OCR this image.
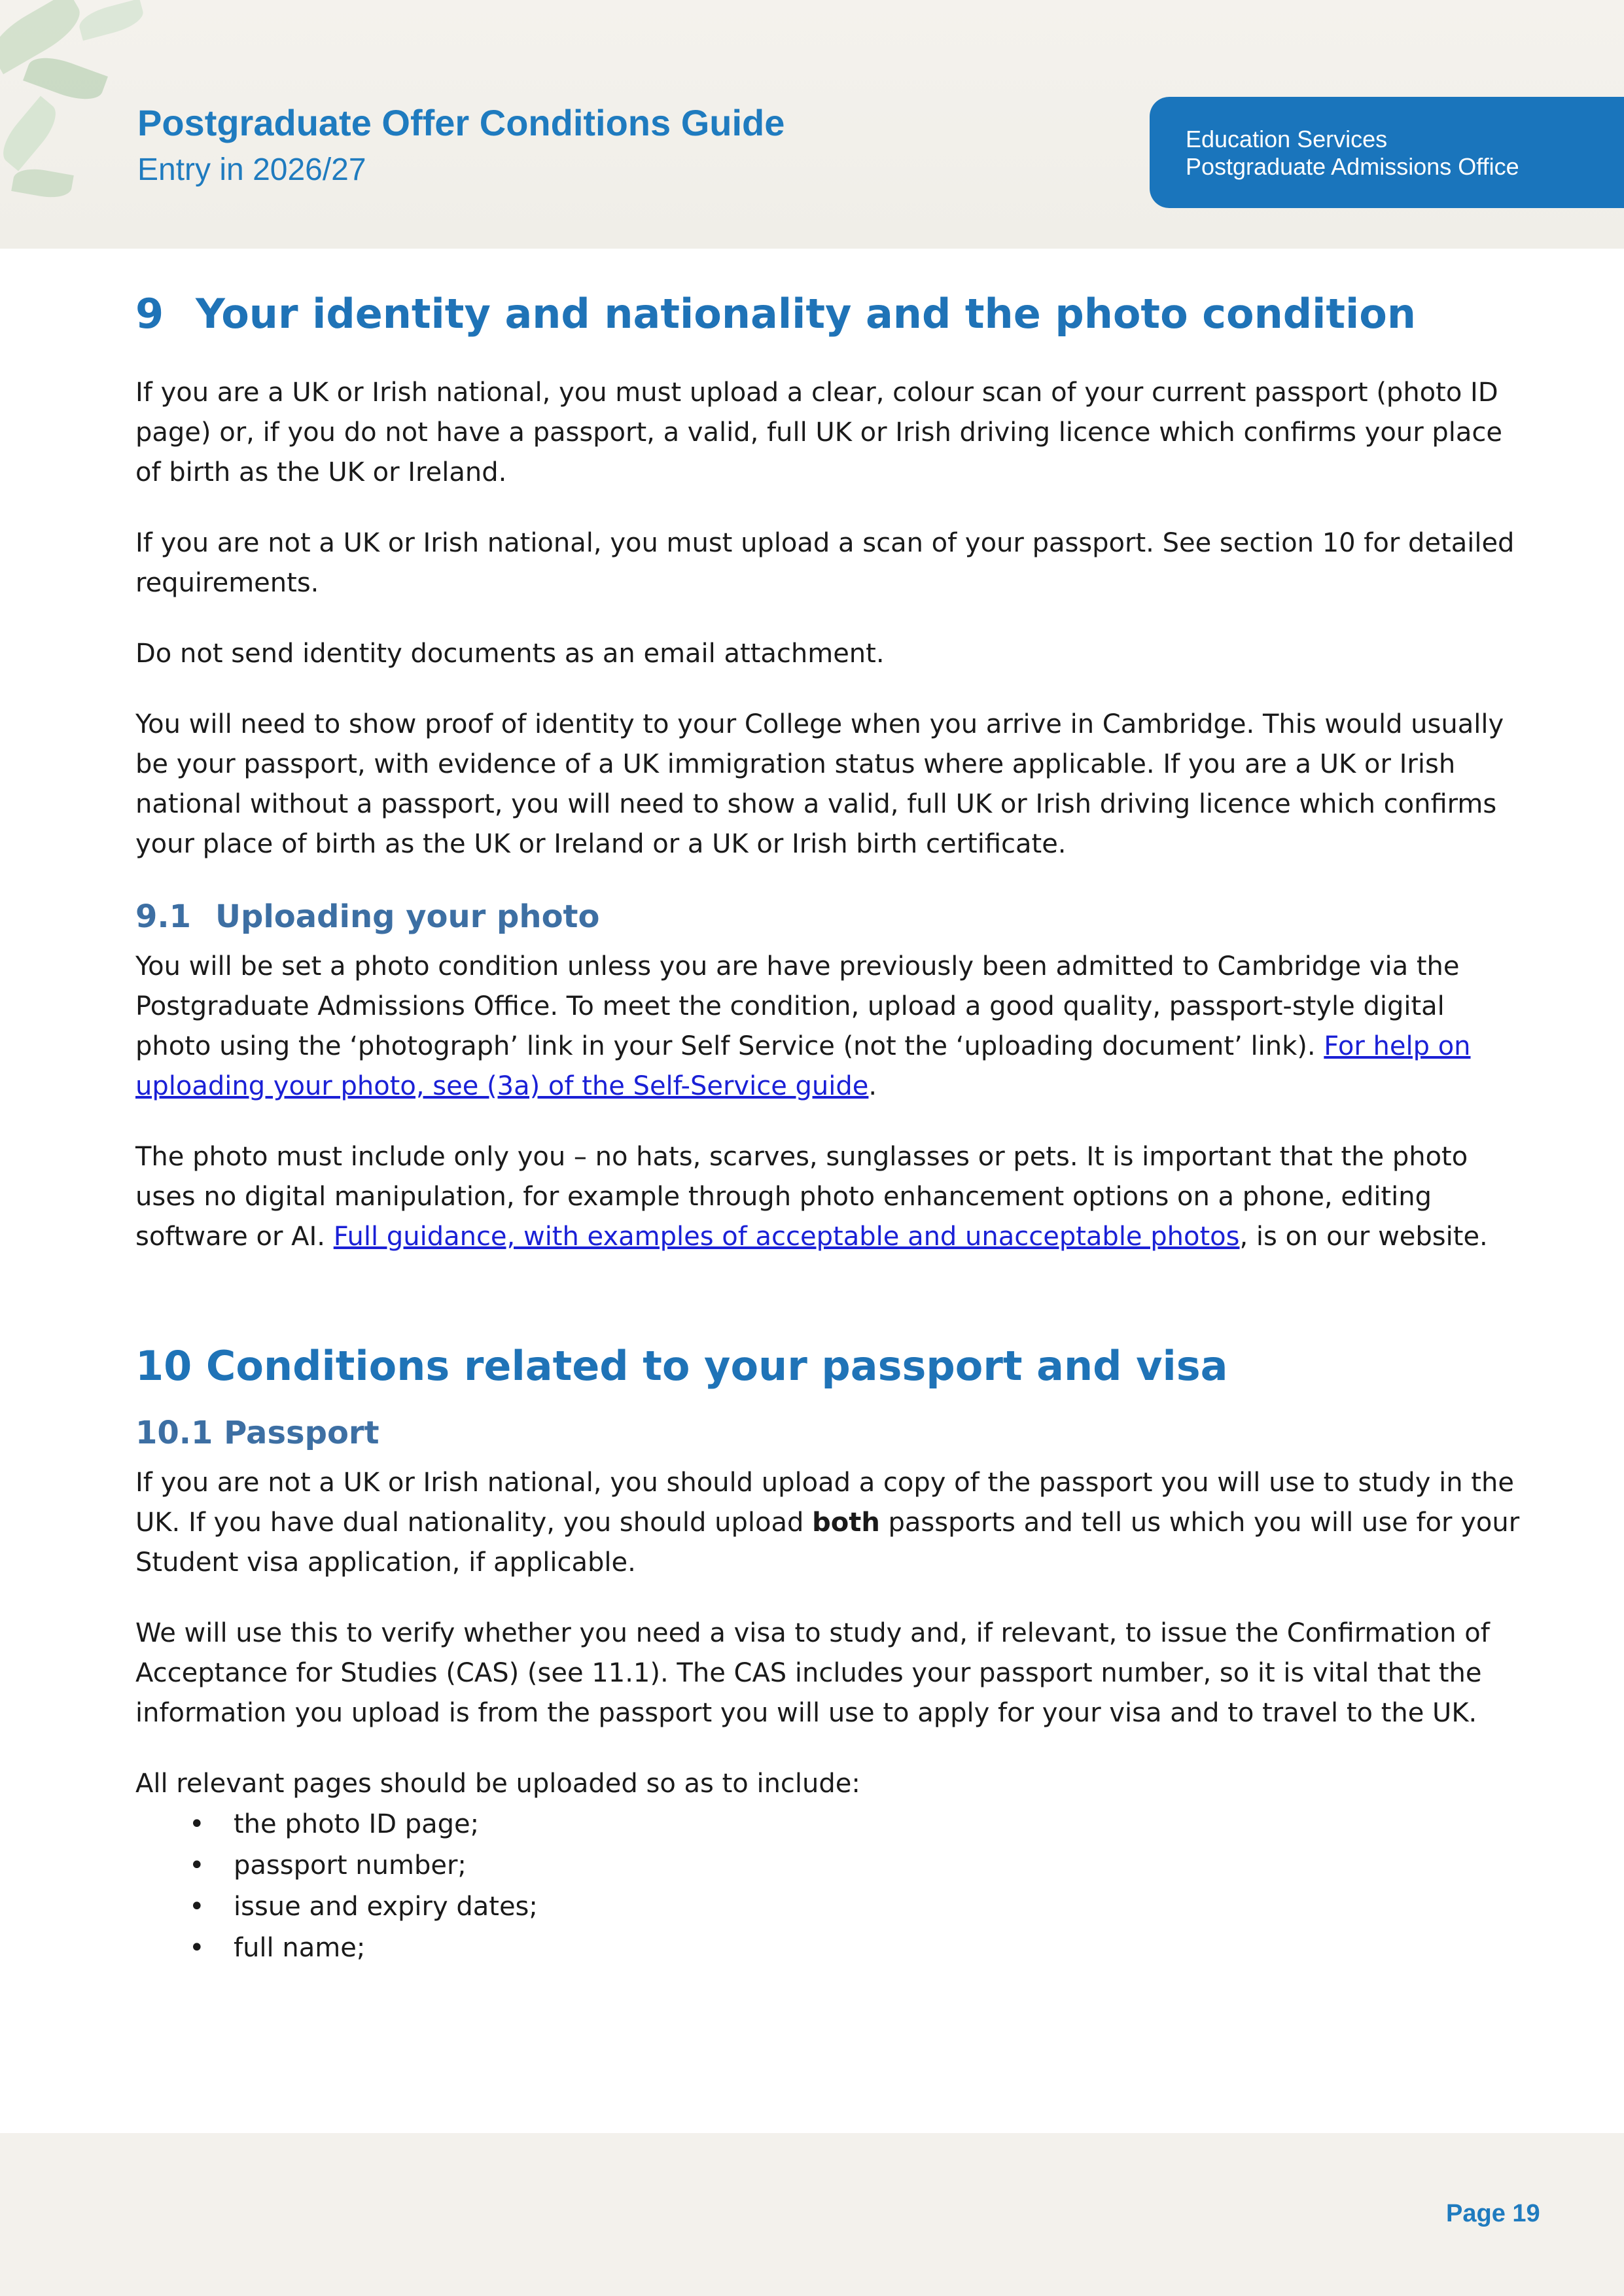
Postgraduate Offer Conditions Guide
Entry in 2026/27
Education Services
Postgraduate Admissions Office
9 Your identity and nationality and the photo condition

If you are a UK or Irish national, you must upload a clear, colour scan of your current passport (photo ID page) or, if you do not have a passport, a valid, full UK or Irish driving licence which confirms your place of birth as the UK or Ireland.

If you are not a UK or Irish national, you must upload a scan of your passport. See section 10 for detailed requirements.

Do not send identity documents as an email attachment.

You will need to show proof of identity to your College when you arrive in Cambridge. This would usually be your passport, with evidence of a UK immigration status where applicable. If you are a UK or Irish national without a passport, you will need to show a valid, full UK or Irish driving licence which confirms your place of birth as the UK or Ireland or a UK or Irish birth certificate.

9.1 Uploading your photo

You will be set a photo condition unless you are have previously been admitted to Cambridge via the Postgraduate Admissions Office. To meet the condition, upload a good quality, passport-style digital photo using the ‘photograph’ link in your Self Service (not the ‘uploading document’ link). For help on uploading your photo, see (3a) of the Self-Service guide.

The photo must include only you – no hats, scarves, sunglasses or pets. It is important that the photo uses no digital manipulation, for example through photo enhancement options on a phone, editing software or AI. Full guidance, with examples of acceptable and unacceptable photos, is on our website.

10 Conditions related to your passport and visa
10.1 Passport

If you are not a UK or Irish national, you should upload a copy of the passport you will use to study in the UK. If you have dual nationality, you should upload both passports and tell us which you will use for your Student visa application, if applicable.

We will use this to verify whether you need a visa to study and, if relevant, to issue the Confirmation of Acceptance for Studies (CAS) (see 11.1). The CAS includes your passport number, so it is vital that the information you upload is from the passport you will use to apply for your visa and to travel to the UK.

All relevant pages should be uploaded so as to include:

• the photo ID page;
• passport number;
• issue and expiry dates;
• full name;
Page 19
